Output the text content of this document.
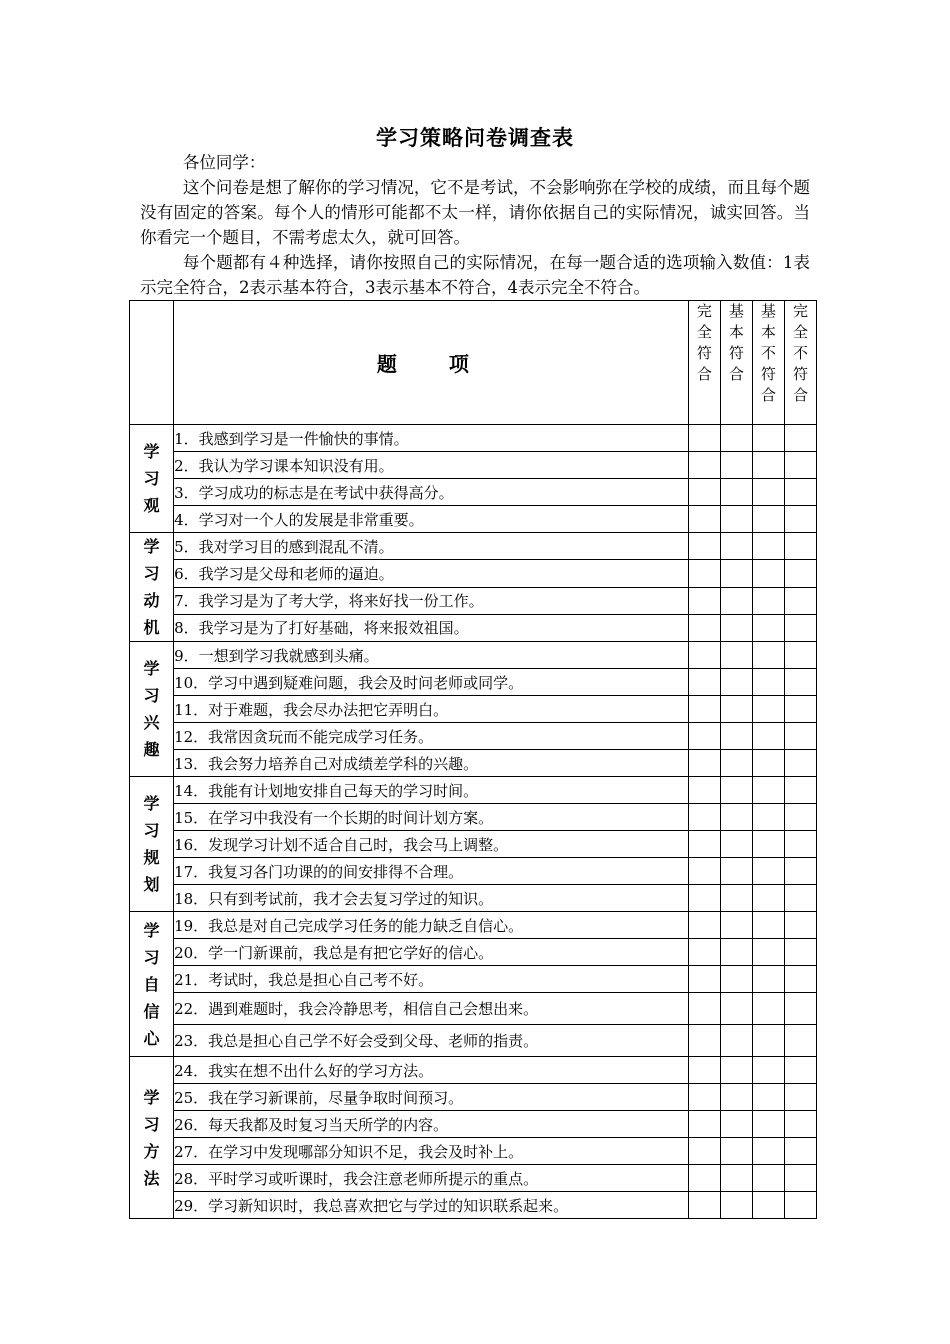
学习策略问卷调查表

各位同学：

这个问卷是想了解你的学习情况，它不是考试，不会影响弥在学校的成绩，而且每个题没有固定的答案。每个人的情形可能都不太一样，请你依据自己的实际情况，诚实回答。当你看完一个题目，不需考虑太久，就可回答。

每个题都有４种选择，请你按照自己的实际情况，在每一题合适的选项输入数值：1表示完全符合，2表示基本符合，3表示基本不符合，4表示完全不符合。

	题　项	完全符合	基本符合	基本不符合	完全不符合

学习观	1．我感到学习是一件愉快的事情。				
	2．我认为学习课本知识没有用。				
	3．学习成功的标志是在考试中获得高分。				
	4．学习对一个人的发展是非常重要。				

学习动机	5．我对学习目的感到混乱不清。				
	6．我学习是父母和老师的逼迫。				
	7．我学习是为了考大学，将来好找一份工作。				
	8．我学习是为了打好基础，将来报效祖国。				

学习兴趣	9．一想到学习我就感到头痛。				
	10．学习中遇到疑难问题，我会及时问老师或同学。				
	11．对于难题，我会尽办法把它弄明白。				
	12．我常因贪玩而不能完成学习任务。				
	13．我会努力培养自己对成绩差学科的兴趣。				

学习规划	14．我能有计划地安排自己每天的学习时间。				
	15．在学习中我没有一个长期的时间计划方案。				
	16．发现学习计划不适合自己时，我会马上调整。				
	17．我复习各门功课的的间安排得不合理。				
	18．只有到考试前，我才会去复习学过的知识。				

学习自信心	19．我总是对自己完成学习任务的能力缺乏自信心。				
	20．学一门新课前，我总是有把它学好的信心。				
	21．考试时，我总是担心自己考不好。				
	22．遇到难题时，我会冷静思考，相信自己会想出来。				
	23．我总是担心自己学不好会受到父母、老师的指责。				

学习方法	24．我实在想不出什么好的学习方法。				
	25．我在学习新课前，尽量争取时间预习。				
	26．每天我都及时复习当天所学的内容。				
	27．在学习中发现哪部分知识不足，我会及时补上。				
	28．平时学习或听课时，我会注意老师所提示的重点。				
	29．学习新知识时，我总喜欢把它与学过的知识联系起来。				
